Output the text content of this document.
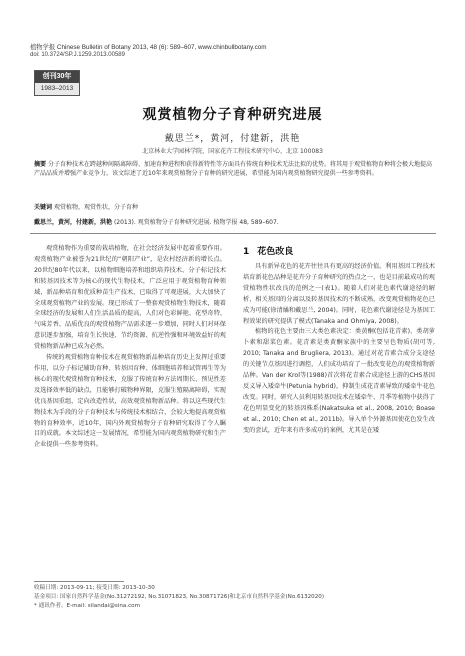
植物学报 Chinese Bulletin of Botany 2013, 48 (6): 589–607, www.chinbullbotany.com
doi: 10.3724/SP.J.1259.2013.00589
创刊30年
1983–2013
观赏植物分子育种研究进展
戴思兰*，黄河，付建新，洪艳
北京林业大学园林学院，国家花卉工程技术研究中心，北京 100083
摘要 分子育种技术在跨越种间隔离障碍、加速育种进程和获得新特性等方面具有传统育种技术无法比拟的优势。将其用于观赏植物育种将会极大地提高产品品质并增强产业竞争力。该文综述了近10年来观赏植物分子育种的研究进展，希望能为国内观赏植物研究提供一些参考资料。
关键词 观赏植物，观赏性状，分子育种
戴思兰，黄河，付建新，洪艳 (2013). 观赏植物分子育种研究进展. 植物学报 48, 589–607.

观赏植物作为重要的栽培植物，在社会经济发展中起着重要作用。观赏植物产业被誉为21世纪的“朝阳产业”，是农村经济新的增长点。20世纪80年代以来，以植物细胞培养和组织培养技术、分子标记技术和转基因技术等为核心的现代生物技术，广泛应用于观赏植物育种领域，新品种培育和优质种苗生产技术，已取得了可观进展，大大加快了全球观赏植物产业的发展。现已形成了一整套观赏植物生物技术，随着全球经济的发展和人们生活品质的提高，人们对色彩鲜艳、花型奇特、气味芳香、品质优良的观赏植物产品需求逐一步增加，同时人们对环保意识逐步加强，培育生长快速、节约资源、抗逆性强和环境效益好的观赏植物新品种已成为必然。

传统的观赏植物育种技术在观赏植物新品种培育历史上发挥过重要作用，以分子标记辅助育种、转基因育种、体细胞培养和试管再生等为核心的现代观赏植物育种技术，克服了传统育种方法周期长、预见性差及选择效率低的缺点，且能够打破物种界限，克服生殖隔离障碍，实现优良基因重组，定向改造性状，高效观赏植物新品种。将以这些现代生物技术为手段的分子育种技术与传统技术相结合，会较大地提高观赏植物的育种效率，近10年，国内外观赏植物分子育种研究取得了令人瞩目的成就。本文综述这一发展情况，希望能为国内观赏植物研究和生产企业提供一些参考资料。

1 花色改良

具有新异花色的花卉往往具有更高的经济价值。利用基因工程技术培育新花色品种是花卉分子育种研究的热点之一，也是目前最成功的观赏植物性状改良的范例之一(表1)。随着人们对花色素代谢途径的解析，相关基因的分离以及转基因技术的不断成熟，改变观赏植物花色已成为可能(徐清燏和戴思兰, 2004)。同时，花色素代谢途径是为基因工程效果的研究提供了模式(Tanaka and Ohmiya, 2008)。

植物的花色主要由三大类色素决定：类黄酮(包括花青素)、类胡萝卜素和甜菜色素。花青素是类黄酮家族中的主要呈色物质(胡可等, 2010; Tanaka and Brugliera, 2013)。通过对花青素合成分支途径的关键节点基因进行调控，人们成功培育了一批改变花色的观赏植物新品种。Van der Krol等(1988)首次将花青素合成途径上游的CHS基因反义导入矮牵牛(Petunia hybrid)，抑制生成花青素导致的矮牵牛花色改变。同时，研究人员利用转基因技术在矮牵牛、月季等植物中获得了花色明显变化的转基因株系(Nakatsuka et al., 2008, 2010; Boase et al., 2010; Chen et al., 2011b)。导入单个外源基因使花色发生改变的尝试，近年来有许多成功的案例，尤其是在矮

收稿日期: 2013-09-11; 接受日期: 2013-10-30
基金项目: 国家自然科学基金(No.31272192, No.31071823, No.30871726)和北京市自然科学基金(No.6132020)
* 通讯作者。E-mail: silandai@sina.com
